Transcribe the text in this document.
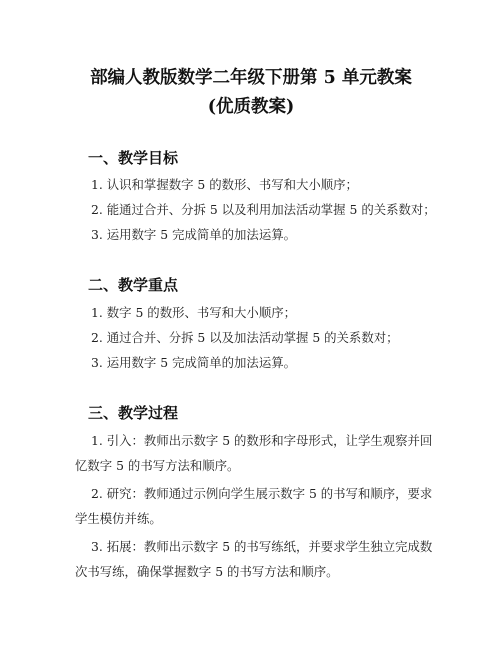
部编人教版数学二年级下册第 5 单元教案
(优质教案)
一、教学目标
1. 认识和掌握数字 5 的数形、书写和大小顺序；
2. 能通过合并、分拆 5 以及利用加法活动掌握 5 的关系数对；
3. 运用数字 5 完成简单的加法运算。
二、教学重点
1. 数字 5 的数形、书写和大小顺序；
2. 通过合并、分拆 5 以及加法活动掌握 5 的关系数对；
3. 运用数字 5 完成简单的加法运算。
三、教学过程
1. 引入：教师出示数字 5 的数形和字母形式，让学生观察并回
忆数字 5 的书写方法和顺序。
2. 研究：教师通过示例向学生展示数字 5 的书写和顺序，要求
学生模仿并练。
3. 拓展：教师出示数字 5 的书写练纸，并要求学生独立完成数
次书写练，确保掌握数字 5 的书写方法和顺序。
